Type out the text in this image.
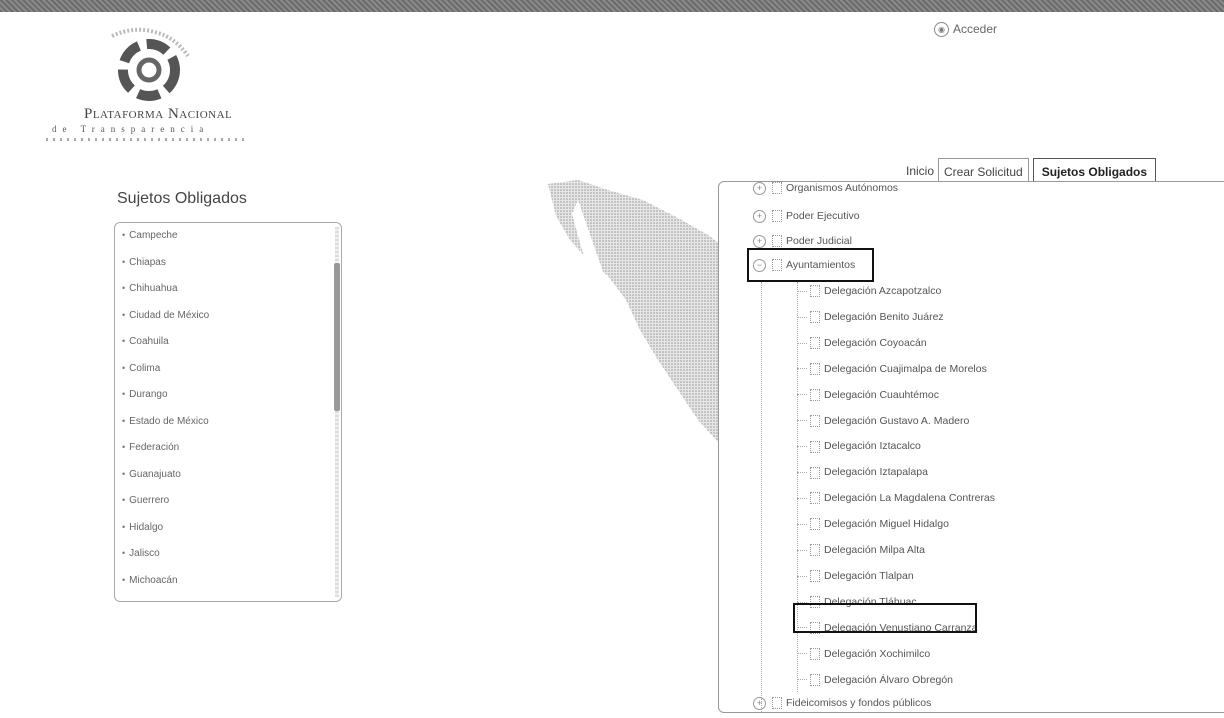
Plataforma Nacional
de Transparencia
◉ Acceder
Inicio Crear Solicitud	Sujetos Obligados
Sujetos Obligados
• Campeche
• Chiapas
• Chihuahua
• Ciudad de México
• Coahuila
• Colima
• Durango
• Estado de México
• Federación
• Guanajuato
• Guerrero
• Hidalgo
• Jalisco
• Michoacán
+ Organismos Autónomos
+ Poder Ejecutivo
+ Poder Judicial
− Ayuntamientos
Delegación Azcapotzalco
Delegación Benito Juárez
Delegación Coyoacán
Delegación Cuajimalpa de Morelos
Delegación Cuauhtémoc
Delegación Gustavo A. Madero
Delegación Iztacalco
Delegación Iztapalapa
Delegación La Magdalena Contreras
Delegación Miguel Hidalgo
Delegación Milpa Alta
Delegación Tlalpan
Delegación Tláhuac
Delegación Venustiano Carranza
Delegación Xochimilco
Delegación Álvaro Obregón
+ Fideicomisos y fondos públicos
